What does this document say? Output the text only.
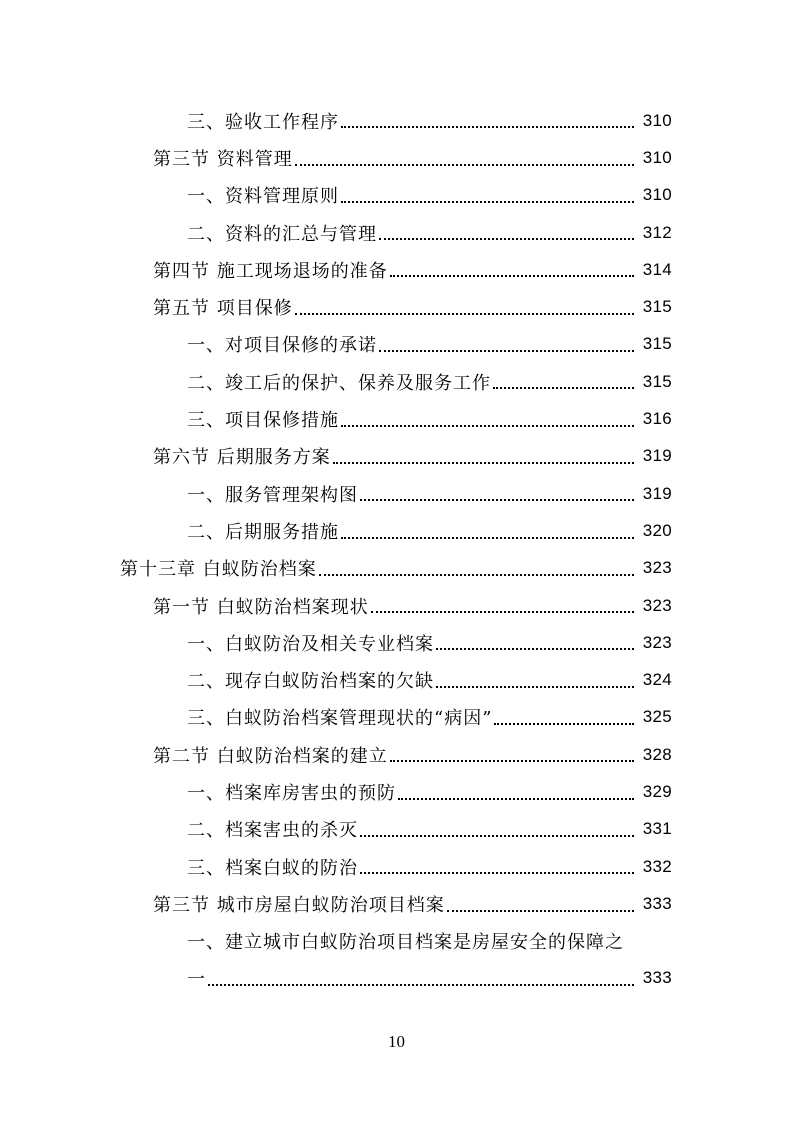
三、验收工作程序	310
第三节 资料管理	310
一、资料管理原则	310
二、资料的汇总与管理	312
第四节 施工现场退场的准备	314
第五节 项目保修	315
一、对项目保修的承诺	315
二、竣工后的保护、保养及服务工作	315
三、项目保修措施	316
第六节 后期服务方案	319
一、服务管理架构图	319
二、后期服务措施	320
第十三章 白蚁防治档案	323
第一节 白蚁防治档案现状	323
一、白蚁防治及相关专业档案	323
二、现存白蚁防治档案的欠缺	324
三、白蚁防治档案管理现状的“病因”	325
第二节 白蚁防治档案的建立	328
一、档案库房害虫的预防	329
二、档案害虫的杀灭	331
三、档案白蚁的防治	332
第三节 城市房屋白蚁防治项目档案	333
一、建立城市白蚁防治项目档案是房屋安全的保障之
一	333
10
